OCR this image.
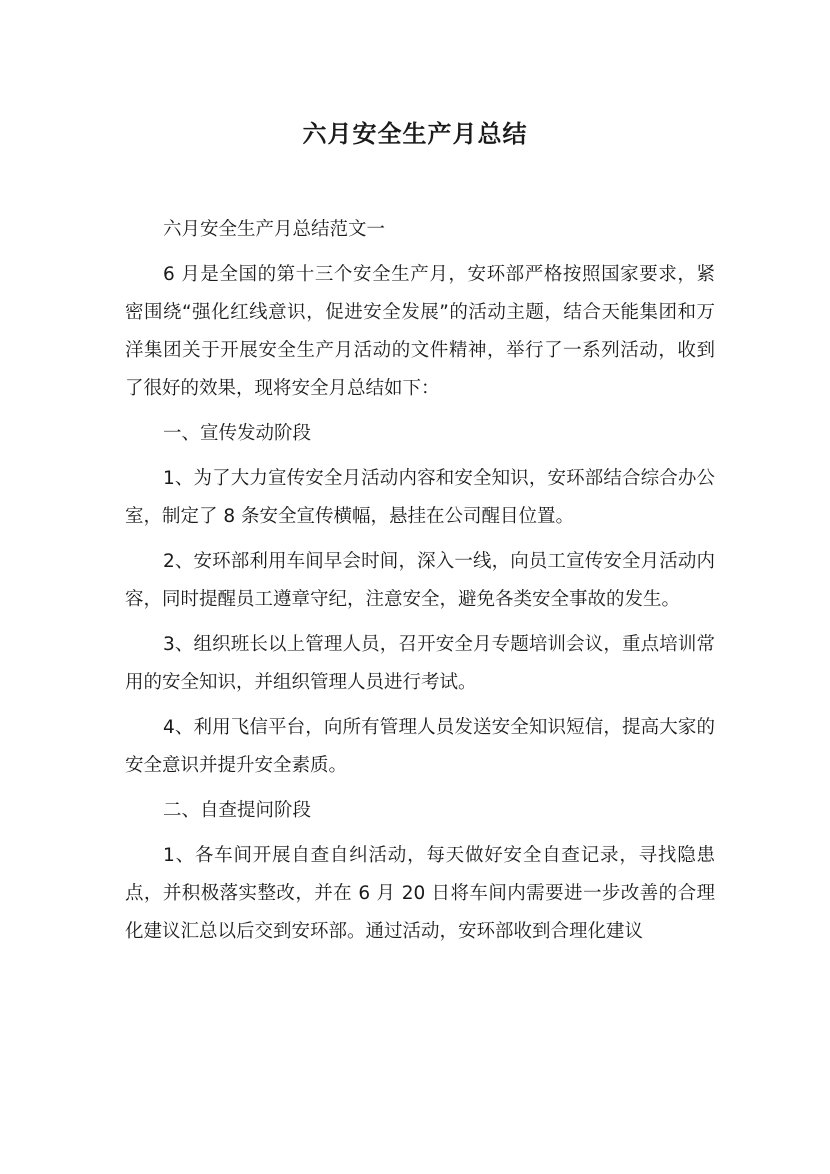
六月安全生产月总结

六月安全生产月总结范文一

6 月是全国的第十三个安全生产月，安环部严格按照国家要求，紧密围绕“强化红线意识，促进安全发展”的活动主题，结合天能集团和万洋集团关于开展安全生产月活动的文件精神，举行了一系列活动，收到了很好的效果，现将安全月总结如下：

一、宣传发动阶段

1、为了大力宣传安全月活动内容和安全知识，安环部结合综合办公室，制定了 8 条安全宣传横幅，悬挂在公司醒目位置。

2、安环部利用车间早会时间，深入一线，向员工宣传安全月活动内容，同时提醒员工遵章守纪，注意安全，避免各类安全事故的发生。

3、组织班长以上管理人员，召开安全月专题培训会议，重点培训常用的安全知识，并组织管理人员进行考试。

4、利用飞信平台，向所有管理人员发送安全知识短信，提高大家的安全意识并提升安全素质。

二、自查提问阶段

1、各车间开展自查自纠活动，每天做好安全自查记录，寻找隐患点，并积极落实整改，并在 6 月 20 日将车间内需要进一步改善的合理化建议汇总以后交到安环部。通过活动，安环部收到合理化建议
